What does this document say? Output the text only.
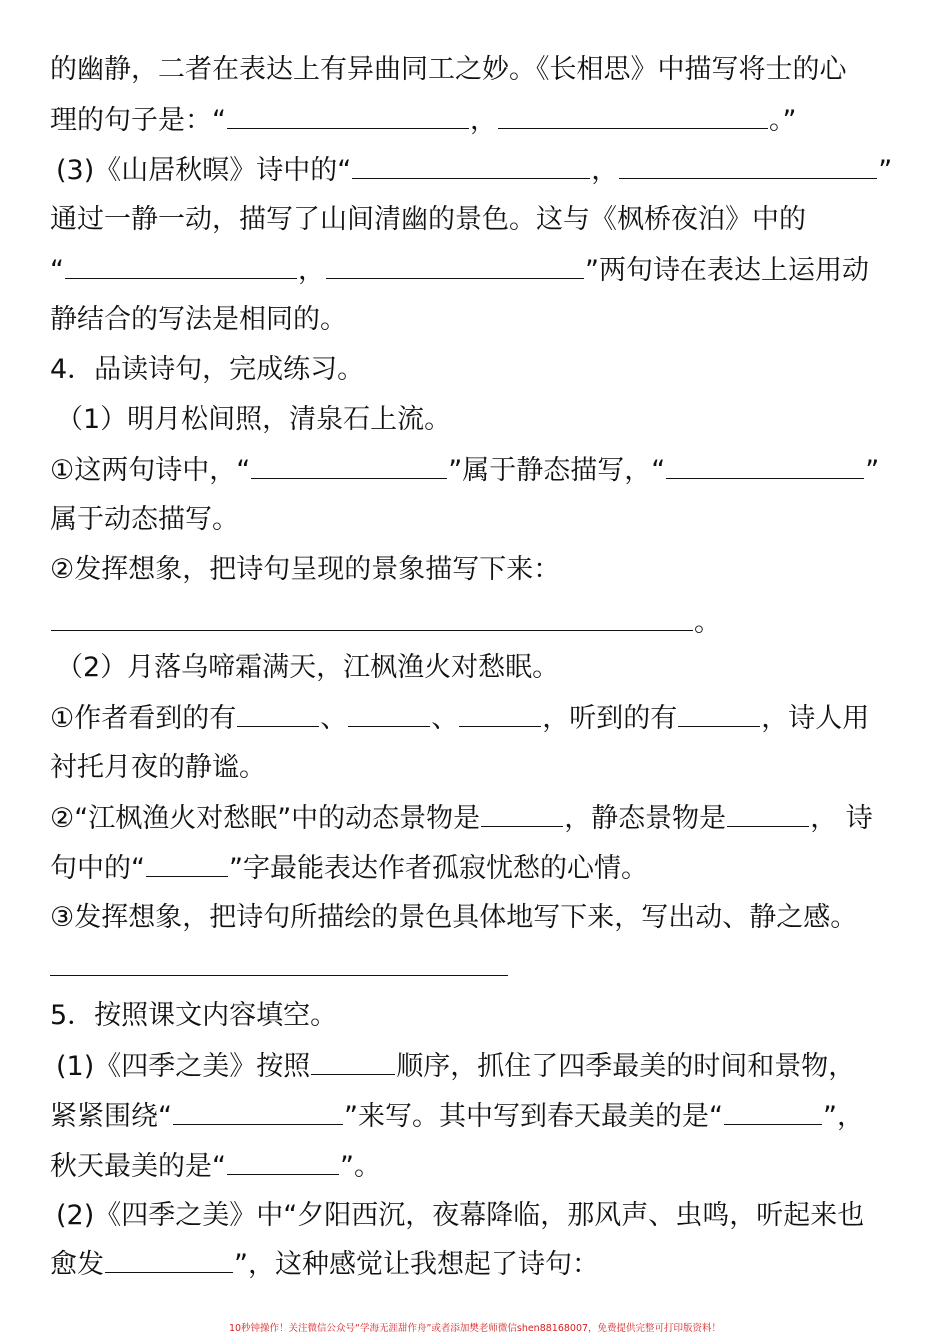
的幽静，二者在表达上有异曲同工之妙。《长相思》中描写将士的心
理的句子是：“	，	。”
(3)《山居秋暝》诗中的“	，	”
通过一静一动，描写了山间清幽的景色。这与《枫桥夜泊》中的
“	，	”两句诗在表达上运用动
静结合的写法是相同的。
4．品读诗句，完成练习。
（1）明月松间照，清泉石上流。
①这两句诗中，“	”属于静态描写，“	”
属于动态描写。
②发挥想象，把诗句呈现的景象描写下来：
。
（2）月落乌啼霜满天，江枫渔火对愁眠。
①作者看到的有	、	、	，听到的有	，诗人用
衬托月夜的静谧。
②“江枫渔火对愁眠”中的动态景物是	，静态景物是	， 诗
句中的“	”字最能表达作者孤寂忧愁的心情。
③发挥想象，把诗句所描绘的景色具体地写下来，写出动、静之感。
5．按照课文内容填空。
(1)《四季之美》按照	顺序，抓住了四季最美的时间和景物，
紧紧围绕“	”来写。其中写到春天最美的是“	”，
秋天最美的是“	”。
(2)《四季之美》中“夕阳西沉，夜幕降临，那风声、虫鸣，听起来也
愈发	”，这种感觉让我想起了诗句：
10秒钟操作！关注微信公众号“学海无涯甜作舟”或者添加樊老师微信shen88168007，免费提供完整可打印版资料！
